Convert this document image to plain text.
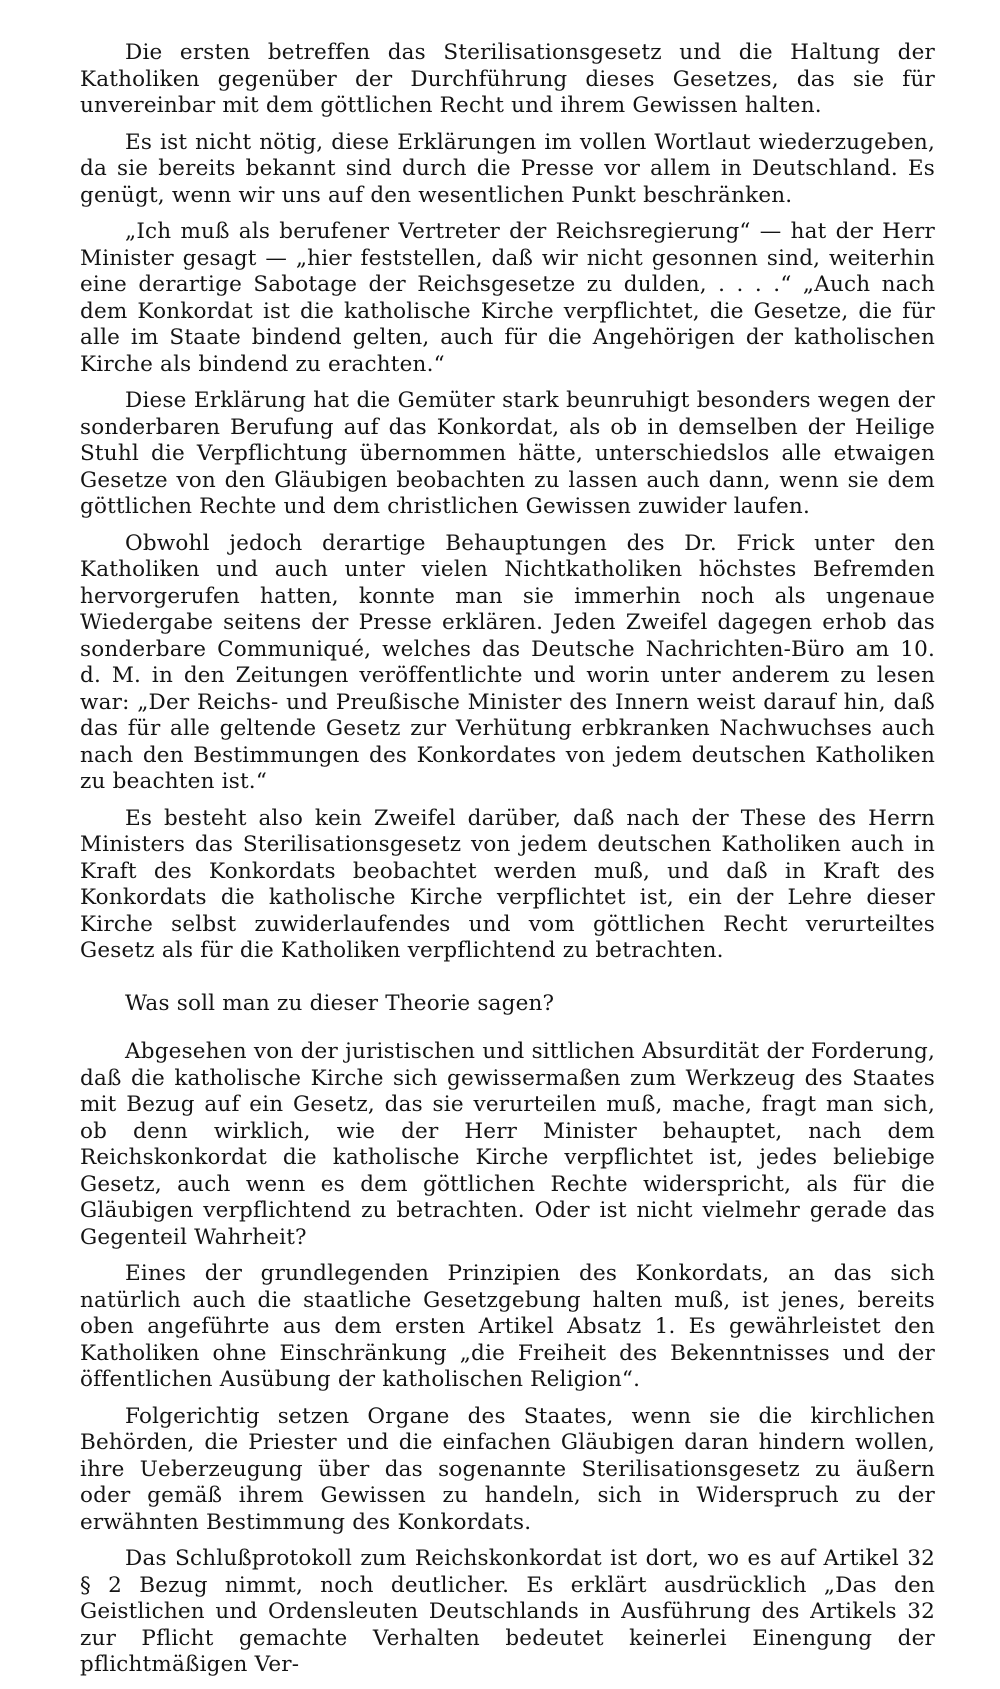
Die ersten betreffen das Sterilisationsgesetz und die Haltung der Katholiken gegenüber der Durchführung dieses Gesetzes, das sie für unvereinbar mit dem göttlichen Recht und ihrem Gewissen halten.

Es ist nicht nötig, diese Erklärungen im vollen Wortlaut wiederzugeben, da sie bereits bekannt sind durch die Presse vor allem in Deutschland. Es genügt, wenn wir uns auf den wesentlichen Punkt beschränken.

„Ich muß als berufener Vertreter der Reichsregierung“ — hat der Herr Minister gesagt — „hier feststellen, daß wir nicht gesonnen sind, weiterhin eine derartige Sabotage der Reichsgesetze zu dulden, . . . .“ „Auch nach dem Konkordat ist die katholische Kirche verpflichtet, die Gesetze, die für alle im Staate bindend gelten, auch für die Angehörigen der katholischen Kirche als bindend zu erachten.“

Diese Erklärung hat die Gemüter stark beunruhigt besonders wegen der sonderbaren Berufung auf das Konkordat, als ob in demselben der Heilige Stuhl die Verpflichtung übernommen hätte, unterschiedslos alle etwaigen Gesetze von den Gläubigen beobachten zu lassen auch dann, wenn sie dem göttlichen Rechte und dem christlichen Gewissen zuwider laufen.

Obwohl jedoch derartige Behauptungen des Dr. Frick unter den Katholiken und auch unter vielen Nichtkatholiken höchstes Befremden hervorgerufen hatten, konnte man sie immerhin noch als ungenaue Wiedergabe seitens der Presse erklären. Jeden Zweifel dagegen erhob das sonderbare Communiqué, welches das Deutsche Nachrichten-Büro am 10. d. M. in den Zeitungen veröffentlichte und worin unter anderem zu lesen war: „Der Reichs- und Preußische Minister des Innern weist darauf hin, daß das für alle geltende Gesetz zur Verhütung erbkranken Nachwuchses auch nach den Bestimmungen des Konkordates von jedem deutschen Katholiken zu beachten ist.“

Es besteht also kein Zweifel darüber, daß nach der These des Herrn Ministers das Sterilisationsgesetz von jedem deutschen Katholiken auch in Kraft des Konkordats beobachtet werden muß, und daß in Kraft des Konkordats die katholische Kirche verpflichtet ist, ein der Lehre dieser Kirche selbst zuwiderlaufendes und vom göttlichen Recht verurteiltes Gesetz als für die Katholiken verpflichtend zu betrachten.

Was soll man zu dieser Theorie sagen?

Abgesehen von der juristischen und sittlichen Absurdität der Forderung, daß die katholische Kirche sich gewissermaßen zum Werkzeug des Staates mit Bezug auf ein Gesetz, das sie verurteilen muß, mache, fragt man sich, ob denn wirklich, wie der Herr Minister behauptet, nach dem Reichskonkordat die katholische Kirche verpflichtet ist, jedes beliebige Gesetz, auch wenn es dem göttlichen Rechte widerspricht, als für die Gläubigen verpflichtend zu betrachten. Oder ist nicht vielmehr gerade das Gegenteil Wahrheit?

Eines der grundlegenden Prinzipien des Konkordats, an das sich natürlich auch die staatliche Gesetzgebung halten muß, ist jenes, bereits oben angeführte aus dem ersten Artikel Absatz 1. Es gewährleistet den Katholiken ohne Einschränkung „die Freiheit des Bekenntnisses und der öffentlichen Ausübung der katholischen Religion“.

Folgerichtig setzen Organe des Staates, wenn sie die kirchlichen Behörden, die Priester und die einfachen Gläubigen daran hindern wollen, ihre Ueberzeugung über das sogenannte Sterilisationsgesetz zu äußern oder gemäß ihrem Gewissen zu handeln, sich in Widerspruch zu der erwähnten Bestimmung des Konkordats.

Das Schlußprotokoll zum Reichskonkordat ist dort, wo es auf Artikel 32 § 2 Bezug nimmt, noch deutlicher. Es erklärt ausdrücklich „Das den Geistlichen und Ordensleuten Deutschlands in Ausführung des Artikels 32 zur Pflicht gemachte Verhalten bedeutet keinerlei Einengung der pflichtmäßigen Ver-
